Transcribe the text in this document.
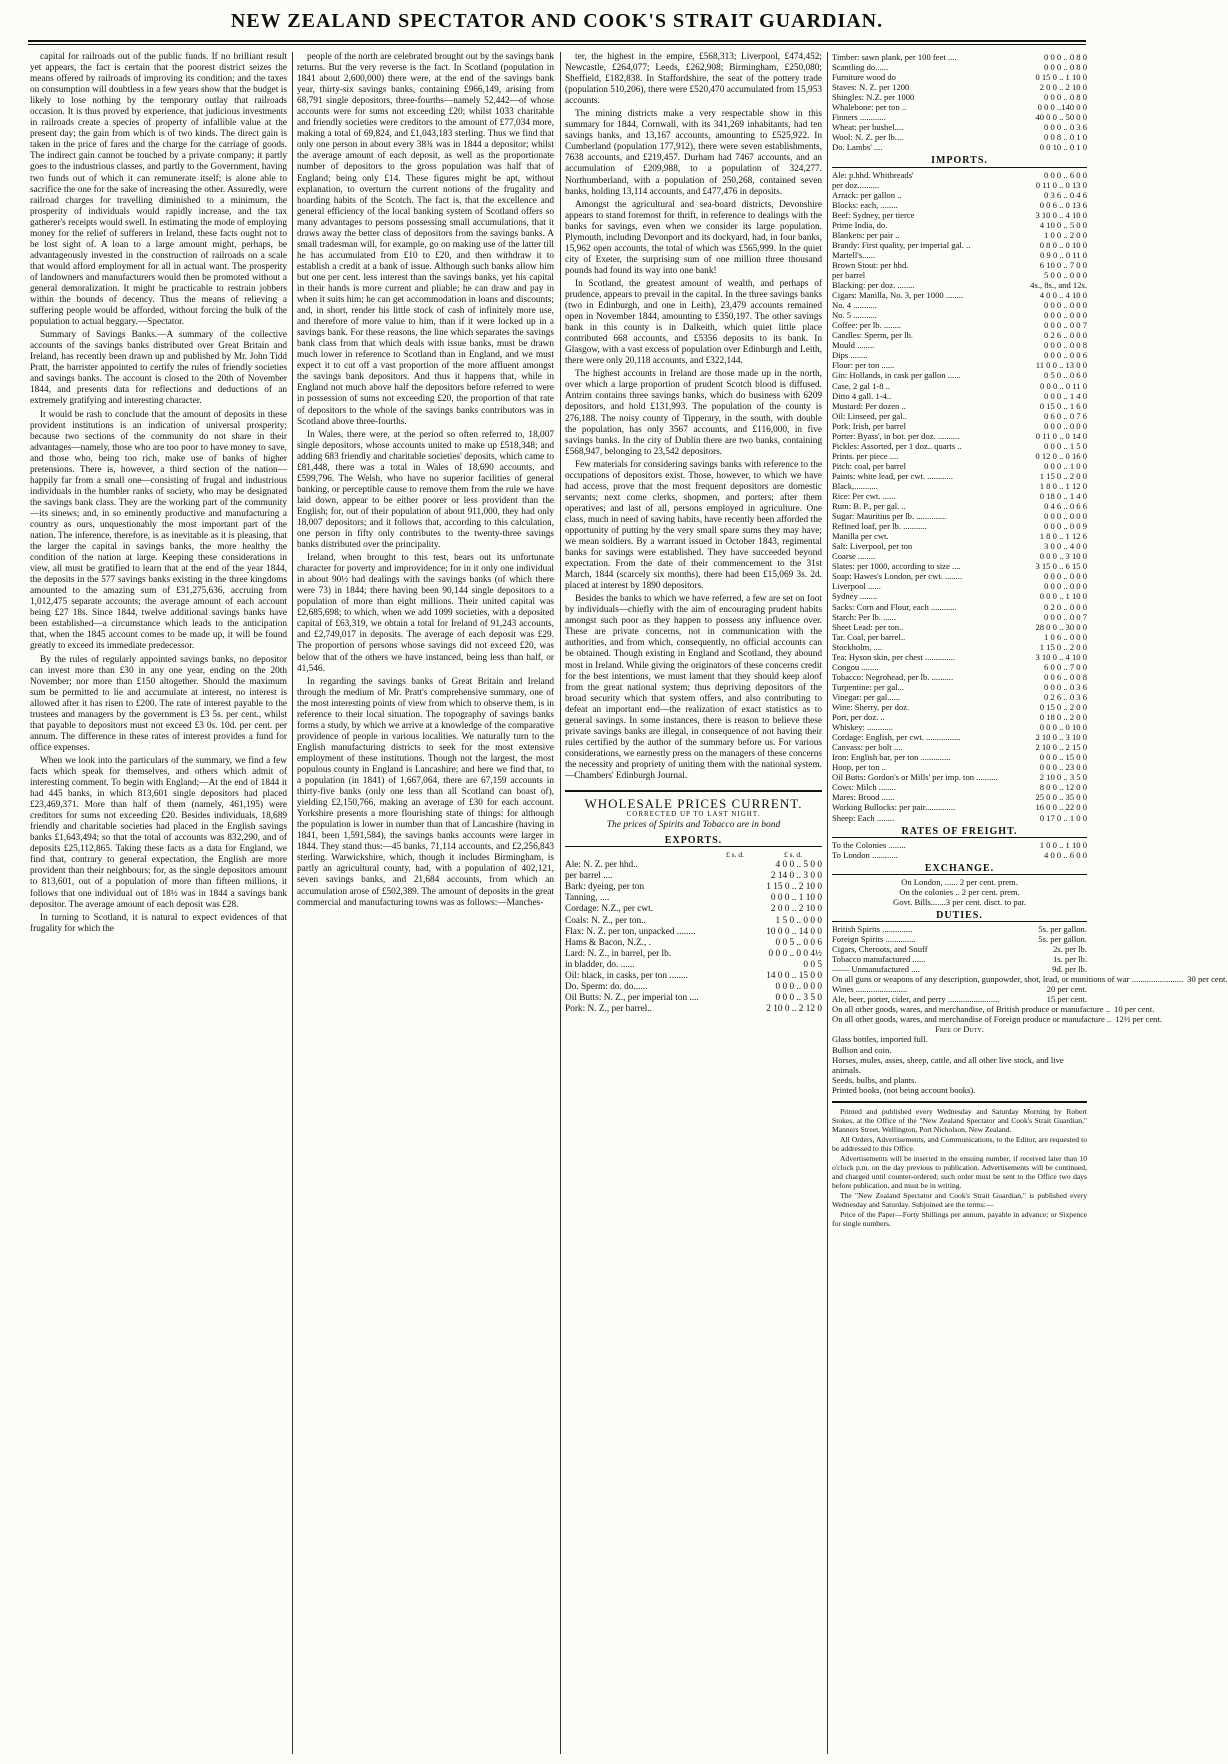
NEW ZEALAND SPECTATOR AND COOK'S STRAIT GUARDIAN.

capital for railroads out of the public funds. If no brilliant result yet appears, the fact is certain that the poorest district seizes the means offered by railroads of improving its condition; and the taxes on consumption will doubtless in a few years show that the budget is likely to lose nothing by the temporary outlay that railroads occasion. It is thus proved by experience, that judicious investments in railroads create a species of property of infallible value at the present day; the gain from which is of two kinds. The direct gain is taken in the price of fares and the charge for the carriage of goods. The indirect gain cannot be touched by a private company; it partly goes to the industrious classes, and partly to the Government, having two funds out of which it can remunerate itself; is alone able to sacrifice the one for the sake of increasing the other. Assuredly, were railroad charges for travelling diminished to a minimum, the prosperity of individuals would rapidly increase, and the tax gatherer's receipts would swell. In estimating the mode of employing money for the relief of sufferers in Ireland, these facts ought not to be lost sight of. A loan to a large amount might, perhaps, be advantageously invested in the construction of railroads on a scale that would afford employment for all in actual want. The prosperity of landowners and manufacturers would then be promoted without a general demoralization. It might be practicable to restrain jobbers within the bounds of decency. Thus the means of relieving a suffering people would be afforded, without forcing the bulk of the population to actual beggary.—Spectator.

Summary of Savings Banks.—A summary of the collective accounts of the savings banks distributed over Great Britain and Ireland, has recently been drawn up and published by Mr. John Tidd Pratt, the barrister appointed to certify the rules of friendly societies and savings banks. The account is closed to the 20th of November 1844, and presents data for reflections and deductions of an extremely gratifying and interesting character.

It would be rash to conclude that the amount of deposits in these provident institutions is an indication of universal prosperity; because two sections of the community do not share in their advantages—namely, those who are too poor to have money to save, and those who, being too rich, make use of banks of higher pretensions. There is, however, a third section of the nation—happily far from a small one—consisting of frugal and industrious individuals in the humbler ranks of society, who may be designated the savings bank class. They are the working part of the community—its sinews; and, in so eminently productive and manufacturing a country as ours, unquestionably the most important part of the nation. The inference, therefore, is as inevitable as it is pleasing, that the larger the capital in savings banks, the more healthy the condition of the nation at large. Keeping these considerations in view, all must be gratified to learn that at the end of the year 1844, the deposits in the 577 savings banks existing in the three kingdoms amounted to the amazing sum of £31,275,636, accruing from 1,012,475 separate accounts; the average amount of each account being £27 18s. Since 1844, twelve additional savings banks have been established—a circumstance which leads to the anticipation that, when the 1845 account comes to be made up, it will be found greatly to exceed its immediate predecessor.

By the rules of regularly appointed savings banks, no depositor can invest more than £30 in any one year, ending on the 20th November; nor more than £150 altogether. Should the maximum sum be permitted to lie and accumulate at interest, no interest is allowed after it has risen to £200. The rate of interest payable to the trustees and managers by the government is £3 5s. per cent., whilst that payable to depositors must not exceed £3 0s. 10d. per cent. per annum. The difference in these rates of interest provides a fund for office expenses.

When we look into the particulars of the summary, we find a few facts which speak for themselves, and others which admit of interesting comment. To begin with England;—At the end of 1844 it had 445 banks, in which 813,601 single depositors had placed £23,469,371. More than half of them (namely, 461,195) were creditors for sums not exceeding £20. Besides individuals, 18,689 friendly and charitable societies had placed in the English savings banks £1,643,494; so that the total of accounts was 832,290, and of deposits £25,112,865. Taking these facts as a data for England, we find that, contrary to general expectation, the English are more provident than their neighbours; for, as the single depositors amount to 813,601, out of a population of more than fifteen millions, it follows that one individual out of 18½ was in 1844 a savings bank depositor. The average amount of each deposit was £28.

In turning to Scotland, it is natural to expect evidences of that frugality for which the

people of the north are celebrated brought out by the savings bank returns. But the very reverse is the fact. In Scotland (population in 1841 about 2,600,000) there were, at the end of the savings bank year, thirty-six savings banks, containing £966,149, arising from 68,791 single depositors, three-fourths—namely 52,442—of whose accounts were for sums not exceeding £20; whilst 1033 charitable and friendly societies were creditors to the amount of £77,034 more, making a total of 69,824, and £1,043,183 sterling. Thus we find that only one person in about every 38¾ was in 1844 a depositor; whilst the average amount of each deposit, as well as the proportionate number of depositors to the gross population was half that of England; being only £14. These figures might be apt, without explanation, to overturn the current notions of the frugality and hoarding habits of the Scotch. The fact is, that the excellence and general efficiency of the local banking system of Scotland offers so many advantages to persons possessing small accumulations, that it draws away the better class of depositors from the savings banks. A small tradesman will, for example, go on making use of the latter till he has accumulated from £10 to £20, and then withdraw it to establish a credit at a bank of issue. Although such banks allow him but one per cent. less interest than the savings banks, yet his capital in their hands is more current and pliable; he can draw and pay in when it suits him; he can get accommodation in loans and discounts; and, in short, render his little stock of cash of infinitely more use, and therefore of more value to him, than if it were locked up in a savings bank. For these reasons, the line which separates the savings bank class from that which deals with issue banks, must be drawn much lower in reference to Scotland than in England, and we must expect it to cut off a vast proportion of the more affluent amongst the savings bank depositors. And thus it happens that, while in England not much above half the depositors before referred to were in possession of sums not exceeding £20, the proportion of that rate of depositors to the whole of the savings banks contributors was in Scotland above three-fourths.

In Wales, there were, at the period so often referred to, 18,007 single depositors, whose accounts united to make up £518,348; and adding 683 friendly and charitable societies' deposits, which came to £81,448, there was a total in Wales of 18,690 accounts, and £599,796. The Welsh, who have no superior facilities of general banking, or perceptible cause to remove them from the rule we have laid down, appear to be either poorer or less provident than the English; for, out of their population of about 911,000, they had only 18,007 depositors; and it follows that, according to this calculation, one person in fifty only contributes to the twenty-three savings banks distributed over the principality.

Ireland, when brought to this test, bears out its unfortunate character for poverty and improvidence; for in it only one individual in about 90½ had dealings with the savings banks (of which there were 73) in 1844; there having been 90,144 single depositors to a population of more than eight millions. Their united capital was £2,685,698; to which, when we add 1099 societies, with a deposited capital of £63,319, we obtain a total for Ireland of 91,243 accounts, and £2,749,017 in deposits. The average of each deposit was £29. The proportion of persons whose savings did not exceed £20, was below that of the others we have instanced, being less than half, or 41,546.

In regarding the savings banks of Great Britain and Ireland through the medium of Mr. Pratt's comprehensive summary, one of the most interesting points of view from which to observe them, is in reference to their local situation. The topography of savings banks forms a study, by which we arrive at a knowledge of the comparative providence of people in various localities. We naturally turn to the English manufacturing districts to seek for the most extensive employment of these institutions. Though not the largest, the most populous county in England is Lancashire; and here we find that, to a population (in 1841) of 1,667,064, there are 67,159 accounts in thirty-five banks (only one less than all Scotland can boast of), yielding £2,150,766, making an average of £30 for each account. Yorkshire presents a more flourishing state of things: for although the population is lower in number than that of Lancashire (having in 1841, been 1,591,584), the savings banks accounts were larger in 1844. They stand thus:—45 banks, 71,114 accounts, and £2,256,843 sterling. Warwickshire, which, though it includes Birmingham, is partly an agricultural county, had, with a population of 402,121, seven savings banks, and 21,684 accounts, from which an accumulation arose of £502,389. The amount of deposits in the great commercial and manufacturing towns was as follows:—Manches-

ter, the highest in the empire, £568,313; Liverpool, £474,452; Newcastle, £264,077; Leeds, £262,908; Birmingham, £250,080; Sheffield, £182,838. In Staffordshire, the seat of the pottery trade (population 510,206), there were £520,470 accumulated from 15,953 accounts.

The mining districts make a very respectable show in this summary for 1844, Cornwall, with its 341,269 inhabitants, had ten savings banks, and 13,167 accounts, amounting to £525,922. In Cumberland (population 177,912), there were seven establishments, 7638 accounts, and £219,457. Durham had 7467 accounts, and an accumulation of £209,988, to a population of 324,277. Northumberland, with a population of 250,268, contained seven banks, holding 13,114 accounts, and £477,476 in deposits.

Amongst the agricultural and sea-board districts, Devonshire appears to stand foremost for thrift, in reference to dealings with the banks for savings, even when we consider its large population. Plymouth, including Devonport and its dockyard, had, in four banks, 15,962 open accounts, the total of which was £565,999. In the quiet city of Exeter, the surprising sum of one million three thousand pounds had found its way into one bank!

In Scotland, the greatest amount of wealth, and perhaps of prudence, appears to prevail in the capital. In the three savings banks (two in Edinburgh, and one in Leith), 23,479 accounts remained open in November 1844, amounting to £350,197. The other savings bank in this county is in Dalkeith, which quiet little place contributed 668 accounts, and £5356 deposits to its bank. In Glasgow, with a vast excess of population over Edinburgh and Leith, there were only 20,118 accounts, and £322,144.

The highest accounts in Ireland are those made up in the north, over which a large proportion of prudent Scotch blood is diffused. Antrim contains three savings banks, which do business with 6209 depositors, and hold £131,993. The population of the county is 276,188. The noisy county of Tipperary, in the south, with double the population, has only 3567 accounts, and £116,000, in five savings banks. In the city of Dublin there are two banks, containing £568,947, belonging to 23,542 depositors.

Few materials for considering savings banks with reference to the occupations of depositors exist. Those, however, to which we have had access, prove that the most frequent depositors are domestic servants; next come clerks, shopmen, and porters; after them operatives; and last of all, persons employed in agriculture. One class, much in need of saving habits, have recently been afforded the opportunity of putting by the very small spare sums they may have; we mean soldiers. By a warrant issued in October 1843, regimental banks for savings were established. They have succeeded beyond expectation. From the date of their commencement to the 31st March, 1844 (scarcely six months), there had been £15,069 3s. 2d. placed at interest by 1890 depositors.

Besides the banks to which we have referred, a few are set on foot by individuals—chiefly with the aim of encouraging prudent habits amongst such poor as they happen to possess any influence over. These are private concerns, not in communication with the authorities, and from which, consequently, no official accounts can be obtained. Though existing in England and Scotland, they abound most in Ireland. While giving the originators of these concerns credit for the best intentions, we must lament that they should keep aloof from the great national system; thus depriving depositors of the broad security which that system offers, and also contributing to defeat an important end—the realization of exact statistics as to general savings. In some instances, there is reason to believe these private savings banks are illegal, in consequence of not having their rules certified by the author of the summary before us. For various considerations, we earnestly press on the managers of these concerns the necessity and propriety of uniting them with the national system.—Chambers' Edinburgh Journal.

WHOLESALE PRICES CURRENT.
CORRECTED UP TO LAST NIGHT.
The prices of Spirits and Tobacco are in bond
EXPORTS.
£ s. d.	£ s. d.
Ale: N. Z. per hhd..	4 0 0 .. 5 0 0
per barrel ....	2 14 0 .. 3 0 0
Bark: dyeing, per ton	1 15 0 .. 2 10 0
Tanning, ....	0 0 0 .. 1 10 0
Cordage: N.Z., per cwt.	2 0 0 .. 2 10 0
Coals: N. Z., per ton..	1 5 0 .. 0 0 0
Flax: N. Z. per ton, unpacked ........	10 0 0 .. 14 0 0
Hams & Bacon, N.Z., .	0 0 5 .. 0 0 6
Lard: N. Z., in barrel, per lb.	0 0 0 .. 0 0 4½
in bladder, do. ......	0 0 5
Oil: black, in casks, per ton ........	14 0 0 .. 15 0 0
Do. Sperm: do. do......	0 0 0 .. 0 0 0
Oil Butts: N. Z., per imperial ton ....	0 0 0 .. 3 5 0
Pork: N. Z., per barrel..	2 10 0 .. 2 12 0
Timber: sawn plank, per 100 feet ....	0 0 0 .. 0 8 0
Scantling do......	0 0 0 .. 0 8 0
Furniture wood do	0 15 0 .. 1 10 0
Staves: N. Z. per 1200	2 0 0 .. 2 10 0
Shingles: N.Z. per 1000	0 0 0 .. 0 8 0
Whalebone: per ton ..	0 0 0 ..140 0 0
Finners ............	40 0 0 .. 50 0 0
Wheat: per bushel....	0 0 0 .. 0 3 6
Wool: N. Z. per lb....	0 0 8 .. 0 1 0
Do. Lambs' ....	0 0 10 .. 0 1 0
IMPORTS.
Ale: p.hhd. Whitbreads'	0 0 0 .. 6 0 0
per doz..........	0 11 0 .. 0 13 0
Arrack: per gallon ..	0 3 6 .. 0 4 6
Blocks: each, ........	0 0 6 .. 0 13 6
Beef: Sydney, per tierce	3 10 0 .. 4 10 0
Prime India, do.	4 10 0 .. 5 0 0
Blankets: per pair ..	1 0 0 .. 2 0 0
Brandy: First quality, per imperial gal. ..	0 8 0 .. 0 10 0
Martell's......	0 9 0 .. 0 11 0
Brown Stout: per hhd.	6 10 0 .. 7 0 0
per barrel	5 0 0 .. 0 0 0
Blacking: per doz. ........	4s., 8s., and 12s.
Cigars: Manilla, No. 3, per 1000 ........	4 0 0 .. 4 10 0
No. 4 ...........	0 0 0 .. 0 0 0
No. 5 ...........	0 0 0 .. 0 0 0
Coffee: per lb. ........	0 0 0 .. 0 0 7
Candles: Sperm, per lb.	0 2 6 .. 0 0 0
Mould ........	0 0 0 .. 0 0 8
Dips ........	0 0 0 .. 0 0 6
Flour: per ton ......	11 0 0 .. 13 0 0
Gin: Hollands, in cask per gallon ......	0 5 0 .. 0 6 0
Case, 2 gal 1-8 ..	0 0 0 .. 0 11 0
Ditto 4 gall. 1-4..	0 0 0 .. 1 4 0
Mustard: Per dozen ..	0 15 0 .. 1 6 0
Oil: Linseed, per gal..	0 6 0 .. 0 7 6
Pork: Irish, per barrel	0 0 0 .. 0 0 0
Porter: Byass', in bot. per doz. ..........	0 11 0 .. 0 14 0
Pickles: Assorted, per 1 doz.. quarts ..	0 0 0 .. 1 5 0
Prints. per piece ....	0 12 0 .. 0 16 0
Pitch: coal, per barrel	0 0 0 .. 1 0 0
Paints: white lead, per cwt. ............	1 15 0 .. 2 0 0
Black,...........	1 8 0 .. 1 12 0
Rice: Per cwt. ......	0 18 0 .. 1 4 0
Rum: B. P., per gal. ..	0 4 6 .. 0 6 6
Sugar: Mauritius per lb. ..............	0 0 0 .. 0 0 0
Refined loaf, per lb. ...........	0 0 0 .. 0 0 9
Manilla per cwt.	1 8 0 .. 1 12 6
Salt: Liverpool, per ton	3 0 0 .. 4 0 0
Coarse ........	0 0 0 .. 3 10 0
Slates: per 1000, according to size ....	3 15 0 .. 6 15 0
Soap: Hawes's London, per cwt. ........	0 0 0 .. 0 0 0
Liverpool ......	0 0 0 .. 0 0 0
Sydney ........	0 0 0 .. 1 10 0
Sacks: Corn and Flour, each ............	0 2 0 .. 0 0 0
Starch: Per lb. ......	0 0 0 .. 0 0 7
Sheet Lead: per ton..	28 0 0 .. 30 0 0
Tar. Coal, per barrel..	1 0 6 .. 0 0 0
Stockholm, ....	1 15 0 .. 2 0 0
Tea: Hyson skin, per chest ..............	3 10 0 .. 4 10 0
Congou ........	6 0 0 .. 7 0 0
Tobacco: Negrohead, per lb. ..........	0 0 6 .. 0 0 8
Turpentine: per gal...	0 0 0 .. 0 3 6
Vinegar: per gal......	0 2 6 .. 0 3 6
Wine: Sherry, per doz.	0 15 0 .. 2 0 0
Port, per doz. ..	0 18 0 .. 2 0 0
Whiskey: ............	0 0 0 .. 0 10 0
Cordage: English, per cwt. ................	2 10 0 .. 3 10 0
Canvass: per bolt ....	2 10 0 .. 2 15 0
Iron: English bar, per ton ..............	0 0 0 .. 15 0 0
Hoop, per ton ..	0 0 0 .. 23 0 0
Oil Butts: Gordon's or Mills' per imp. ton ..........	2 10 0 .. 3 5 0
Cows: Milch ........	8 0 0 .. 12 0 0
Mares: Brood ......	25 0 0 .. 35 0 0
Working Bullocks: per pair..............	16 0 0 .. 22 0 0
Sheep: Each ........	0 17 0 .. 1 0 0
RATES OF FREIGHT.
To the Colonies ........	1 0 0 .. 1 10 0
To London ............	4 0 0 .. 6 0 0
EXCHANGE.
On London, ...... 2 per cent. prem.
On the colonies .. 2 per cent. prem.
Govt. Bills.......3 per cent. disct. to par.
DUTIES.
British Spirits ..............	5s. per gallon.
Foreign Spirits ..............	5s. per gallon.
Cigars, Cheroots, and Snuff	2s. per lb.
Tobacco manufactured ......	1s. per lb.
—— Unmanufactured ....	9d. per lb.
On all guns or weapons of any description, gunpowder, shot, lead, or munitions of war ........................ 30 per cent.
Wines ........................	20 per cent.
Ale, beer, porter, cider, and perry ........................	15 per cent.
On all other goods, wares, and merchandise, of British produce or manufacture .. 10 per cent.
On all other goods, wares, and merchandise of Foreign produce or manufacture .. 12½ per cent.
Free of Duty.
Glass bottles, imported full.
Bullion and coin.
Horses, mules, asses, sheep, cattle, and all other live stock, and live animals.
Seeds, bulbs, and plants.
Printed books, (not being account books).

Printed and published every Wednesday and Saturday Morning by Robert Stokes, at the Office of the "New Zealand Spectator and Cook's Strait Guardian," Manners Street, Wellington, Port Nicholson, New Zealand.

All Orders, Advertisements, and Communications, to the Editor, are requested to be addressed to this Office.

Advertisements will be inserted in the ensuing number, if received later than 10 o'clock p.m. on the day previous to publication. Advertisements will be continued, and charged until counter-ordered; such order must be sent to the Office two days before publication, and must be in writing.

The "New Zealand Spectator and Cook's Strait Guardian," is published every Wednesday and Saturday. Subjoined are the terms:—

Price of the Paper—Forty Shillings per annum, payable in advance; or Sixpence for single numbers.
